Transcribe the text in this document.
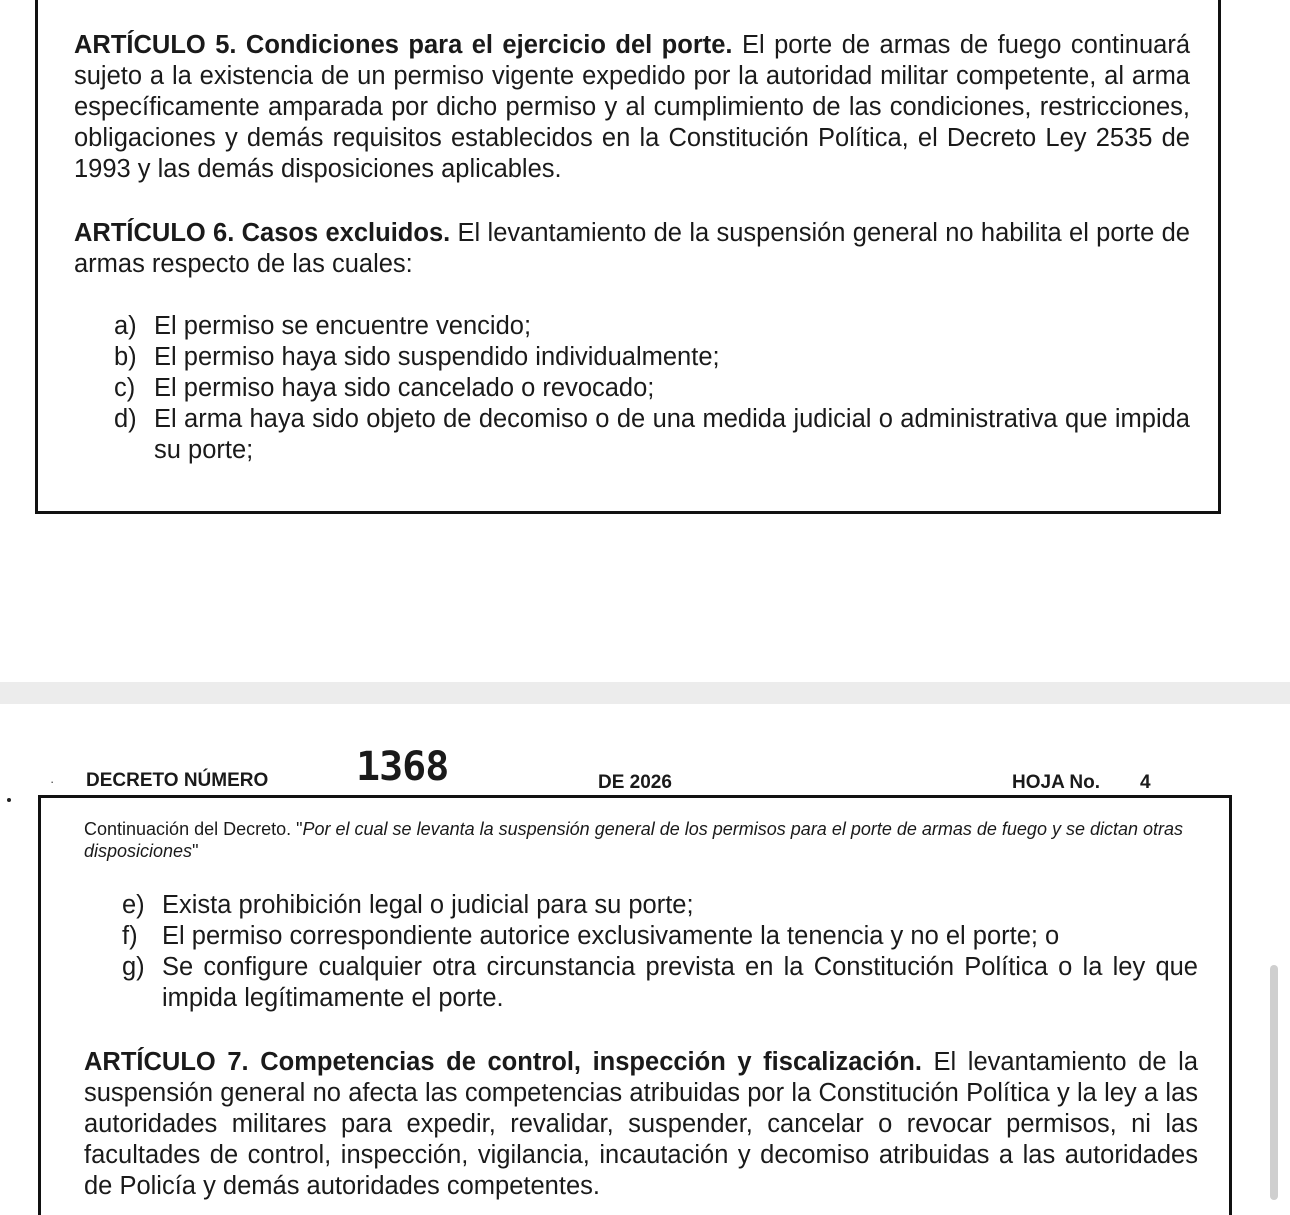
ARTÍCULO 5. Condiciones para el ejercicio del porte. El porte de armas de fuego continuará sujeto a la existencia de un permiso vigente expedido por la autoridad militar competente, al arma específicamente amparada por dicho permiso y al cumplimiento de las condiciones, restricciones, obligaciones y demás requisitos establecidos en la Constitución Política, el Decreto Ley 2535 de 1993 y las demás disposiciones aplicables.

ARTÍCULO 6. Casos excluidos. El levantamiento de la suspensión general no habilita el porte de armas respecto de las cuales:

a) El permiso se encuentre vencido;
b) El permiso haya sido suspendido individualmente;
c) El permiso haya sido cancelado o revocado;
d) El arma haya sido objeto de decomiso o de una medida judicial o administrativa que impida su porte;
· DECRETO NÚMERO 1368	DE 2026	HOJA No. 4

Continuación del Decreto. "Por el cual se levanta la suspensión general de los permisos para el porte de armas de fuego y se dictan otras disposiciones"

e) Exista prohibición legal o judicial para su porte;
f) El permiso correspondiente autorice exclusivamente la tenencia y no el porte; o
g) Se configure cualquier otra circunstancia prevista en la Constitución Política o la ley que impida legítimamente el porte.

ARTÍCULO 7. Competencias de control, inspección y fiscalización. El levantamiento de la suspensión general no afecta las competencias atribuidas por la Constitución Política y la ley a las autoridades militares para expedir, revalidar, suspender, cancelar o revocar permisos, ni las facultades de control, inspección, vigilancia, incautación y decomiso atribuidas a las autoridades de Policía y demás autoridades competentes.
